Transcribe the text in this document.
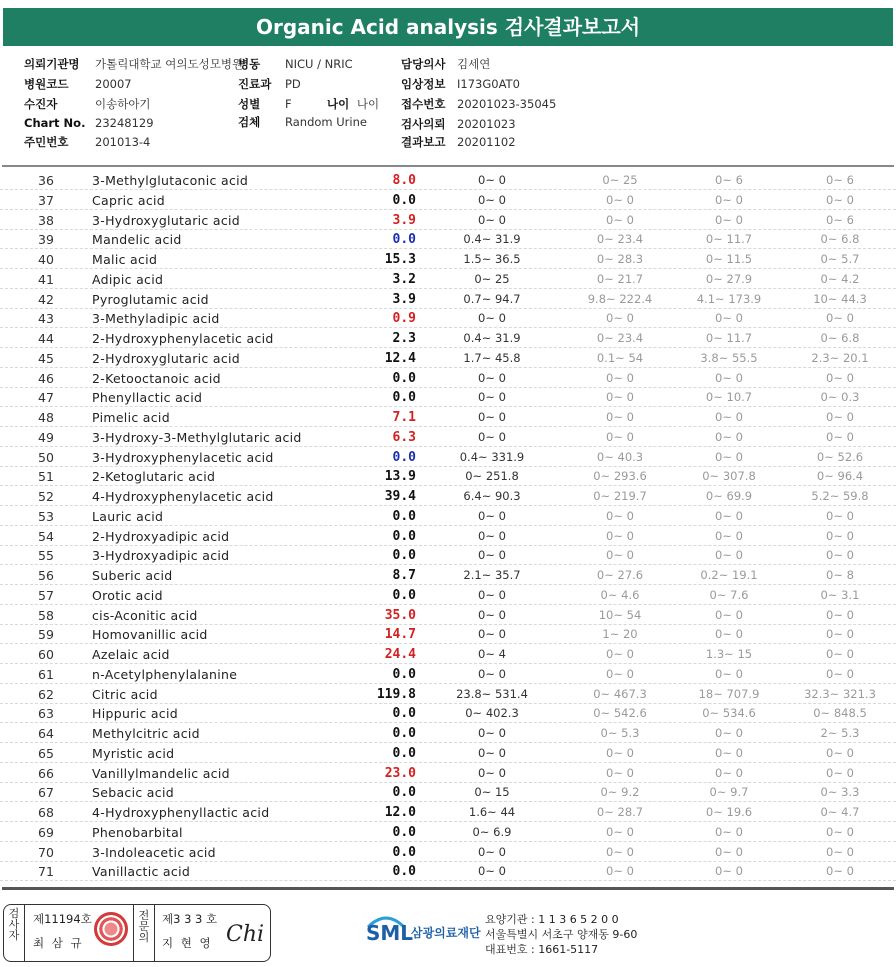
Organic Acid analysis 검사결과보고서
의뢰기관명 가톨릭대학교 여의도성모병원
병원코드 20007
수진자	이송하아기
Chart No. 23248129
주민번호 201013-4
병동 NICU / NRIC
진료과 PD
성별 F
검체 Random Urine
나이 나이
담당의사 김세연
임상정보 I173G0AT0
접수번호 20201023-35045
검사의뢰 20201023
결과보고 20201102
36	3-Methylglutaconic acid	8.0	0~ 0	0~ 25	0~ 6	0~ 6
37	Capric acid	0.0	0~ 0	0~ 0	0~ 0	0~ 0
38	3-Hydroxyglutaric acid	3.9	0~ 0	0~ 0	0~ 0	0~ 6
39	Mandelic acid	0.0	0.4~ 31.9	0~ 23.4	0~ 11.7	0~ 6.8
40	Malic acid	15.3	1.5~ 36.5	0~ 28.3	0~ 11.5	0~ 5.7
41	Adipic acid	3.2	0~ 25	0~ 21.7	0~ 27.9	0~ 4.2
42	Pyroglutamic acid	3.9	0.7~ 94.7	9.8~ 222.4	4.1~ 173.9	10~ 44.3
43	3-Methyladipic acid	0.9	0~ 0	0~ 0	0~ 0	0~ 0
44	2-Hydroxyphenylacetic acid	2.3	0.4~ 31.9	0~ 23.4	0~ 11.7	0~ 6.8
45	2-Hydroxyglutaric acid	12.4	1.7~ 45.8	0.1~ 54	3.8~ 55.5	2.3~ 20.1
46	2-Ketooctanoic acid	0.0	0~ 0	0~ 0	0~ 0	0~ 0
47	Phenyllactic acid	0.0	0~ 0	0~ 0	0~ 10.7	0~ 0.3
48	Pimelic acid	7.1	0~ 0	0~ 0	0~ 0	0~ 0
49	3-Hydroxy-3-Methylglutaric acid	6.3	0~ 0	0~ 0	0~ 0	0~ 0
50	3-Hydroxyphenylacetic acid	0.0	0.4~ 331.9	0~ 40.3	0~ 0	0~ 52.6
51	2-Ketoglutaric acid	13.9	0~ 251.8	0~ 293.6	0~ 307.8	0~ 96.4
52	4-Hydroxyphenylacetic acid	39.4	6.4~ 90.3	0~ 219.7	0~ 69.9	5.2~ 59.8
53	Lauric acid	0.0	0~ 0	0~ 0	0~ 0	0~ 0
54	2-Hydroxyadipic acid	0.0	0~ 0	0~ 0	0~ 0	0~ 0
55	3-Hydroxyadipic acid	0.0	0~ 0	0~ 0	0~ 0	0~ 0
56	Suberic acid	8.7	2.1~ 35.7	0~ 27.6	0.2~ 19.1	0~ 8
57	Orotic acid	0.0	0~ 0	0~ 4.6	0~ 7.6	0~ 3.1
58	cis-Aconitic acid	35.0	0~ 0	10~ 54	0~ 0	0~ 0
59	Homovanillic acid	14.7	0~ 0	1~ 20	0~ 0	0~ 0
60	Azelaic acid	24.4	0~ 4	0~ 0	1.3~ 15	0~ 0
61	n-Acetylphenylalanine	0.0	0~ 0	0~ 0	0~ 0	0~ 0
62	Citric acid	119.8	23.8~ 531.4	0~ 467.3	18~ 707.9	32.3~ 321.3
63	Hippuric acid	0.0	0~ 402.3	0~ 542.6	0~ 534.6	0~ 848.5
64	Methylcitric acid	0.0	0~ 0	0~ 5.3	0~ 0	2~ 5.3
65	Myristic acid	0.0	0~ 0	0~ 0	0~ 0	0~ 0
66	Vanillylmandelic acid	23.0	0~ 0	0~ 0	0~ 0	0~ 0
67	Sebacic acid	0.0	0~ 15	0~ 9.2	0~ 9.7	0~ 3.3
68	4-Hydroxyphenyllactic acid	12.0	1.6~ 44	0~ 28.7	0~ 19.6	0~ 4.7
69	Phenobarbital	0.0	0~ 6.9	0~ 0	0~ 0	0~ 0
70	3-Indoleacetic acid	0.0	0~ 0	0~ 0	0~ 0	0~ 0
71	Vanillactic acid	0.0	0~ 0	0~ 0	0~ 0	0~ 0
검
사
자
제11194호
최 삼 규
전
문
의
제3 3 3 호
지 현 영 Chi	SML
삼광의료재단
요양기관 : 1 1 3 6 5 2 0 0
서울특별시 서초구 양재동 9-60
대표번호 : 1661-5117
